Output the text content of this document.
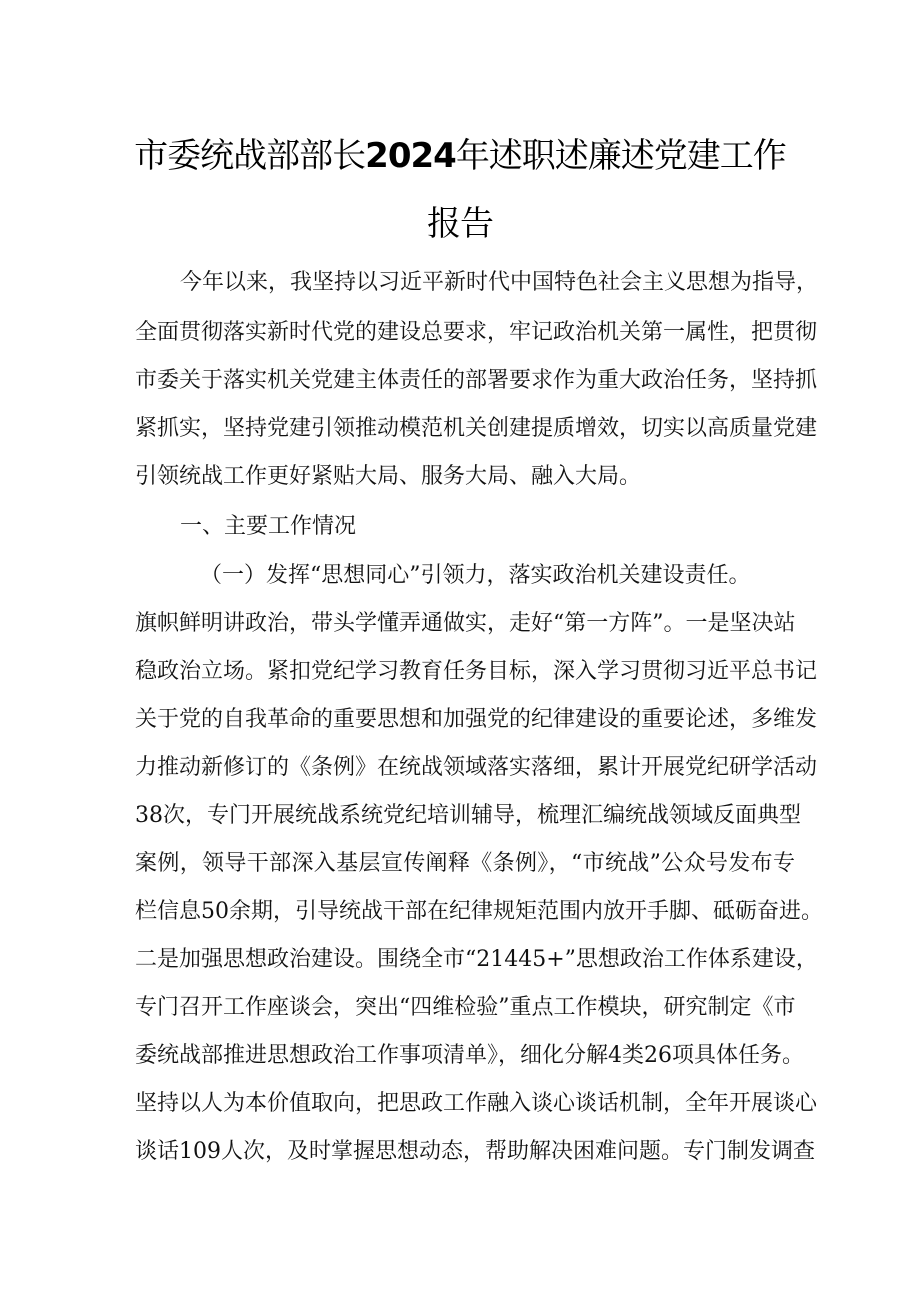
市委统战部部长2024年述职述廉述党建工作
报告
今年以来，我坚持以习近平新时代中国特色社会主义思想为指导，
全面贯彻落实新时代党的建设总要求，牢记政治机关第一属性，把贯彻
市委关于落实机关党建主体责任的部署要求作为重大政治任务，坚持抓
紧抓实，坚持党建引领推动模范机关创建提质增效，切实以高质量党建
引领统战工作更好紧贴大局、服务大局、融入大局。
一、主要工作情况
（一）发挥“思想同心”引领力，落实政治机关建设责任。
旗帜鲜明讲政治，带头学懂弄通做实，走好“第一方阵”。一是坚决站
稳政治立场。紧扣党纪学习教育任务目标，深入学习贯彻习近平总书记
关于党的自我革命的重要思想和加强党的纪律建设的重要论述，多维发
力推动新修订的《条例》在统战领域落实落细，累计开展党纪研学活动
38次，专门开展统战系统党纪培训辅导，梳理汇编统战领域反面典型
案例，领导干部深入基层宣传阐释《条例》，“市统战”公众号发布专
栏信息50余期，引导统战干部在纪律规矩范围内放开手脚、砥砺奋进。
二是加强思想政治建设。围绕全市“21445+”思想政治工作体系建设，
专门召开工作座谈会，突出“四维检验”重点工作模块，研究制定《市
委统战部推进思想政治工作事项清单》，细化分解4类26项具体任务。
坚持以人为本价值取向，把思政工作融入谈心谈话机制，全年开展谈心
谈话109人次，及时掌握思想动态，帮助解决困难问题。专门制发调查
